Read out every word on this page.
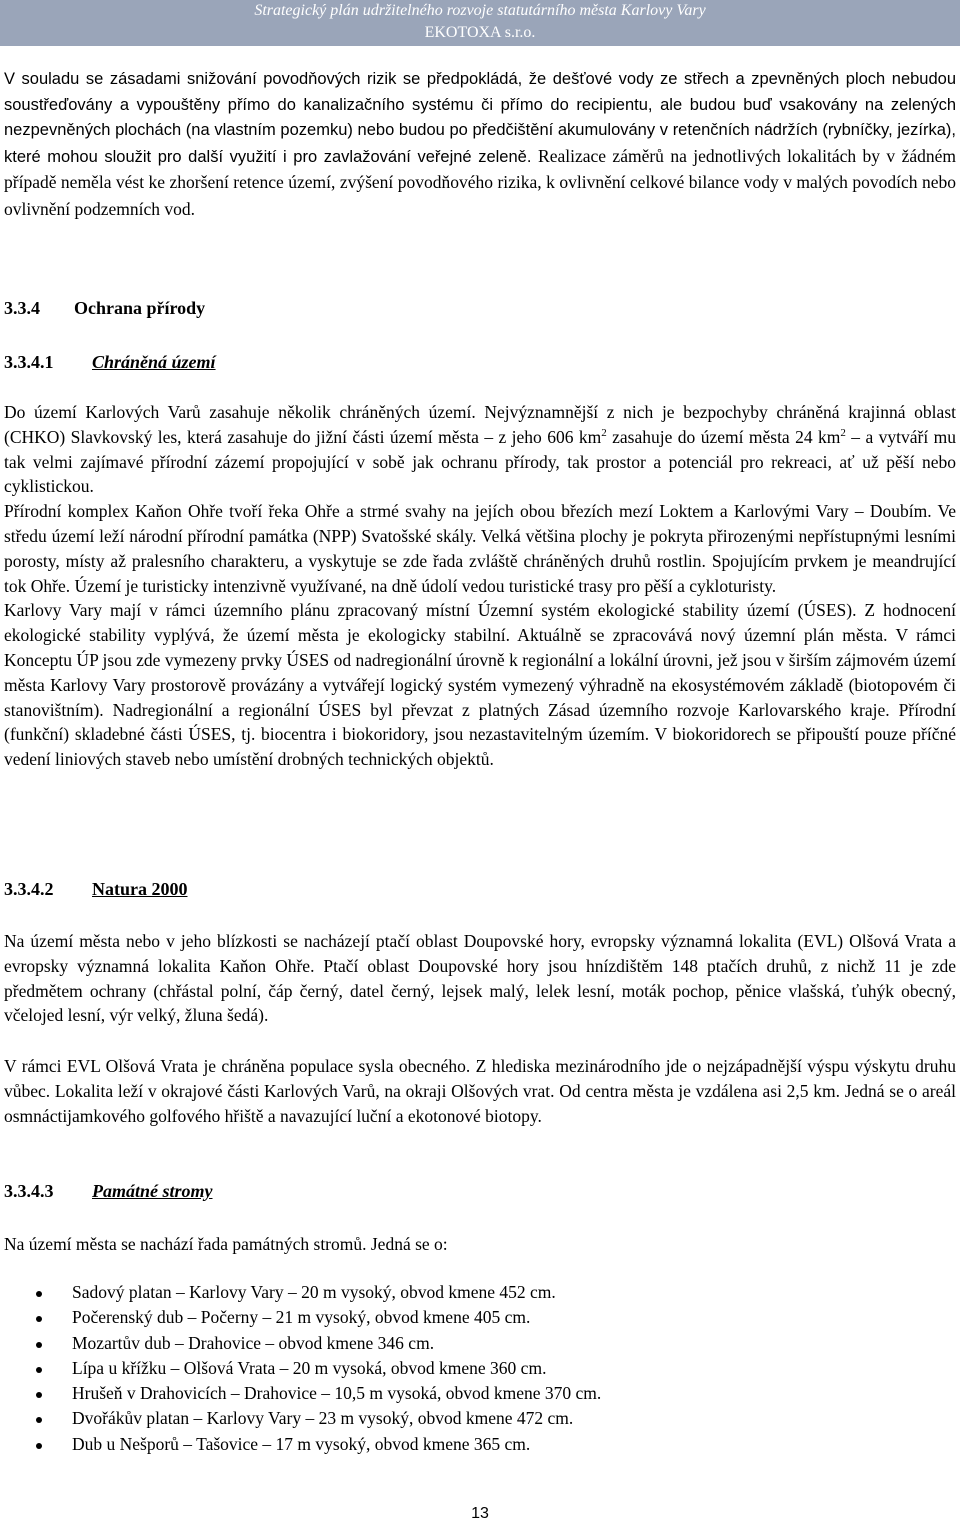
Strategický plán udržitelného rozvoje statutárního města Karlovy Vary
EKOTOXA s.r.o.

V souladu se zásadami snižování povodňových rizik se předpokládá, že dešťové vody ze střech a zpevněných ploch nebudou soustřeďovány a vypouštěny přímo do kanalizačního systému či přímo do recipientu, ale budou buď vsakovány na zelených nezpevněných plochách (na vlastním pozemku) nebo budou po předčištění akumulovány v retenčních nádržích (rybníčky, jezírka), které mohou sloužit pro další využití i pro zavlažování veřejné zeleně. Realizace záměrů na jednotlivých lokalitách by v žádném případě neměla vést ke zhoršení retence území, zvýšení povodňového rizika, k ovlivnění celkové bilance vody v malých povodích nebo ovlivnění podzemních vod.

3.3.4 Ochrana přírody
3.3.4.1 Chráněná území

Do území Karlových Varů zasahuje několik chráněných území. Nejvýznamnější z nich je bezpochyby chráněná krajinná oblast (CHKO) Slavkovský les, která zasahuje do jižní části území města – z jeho 606 $km^2$ zasahuje do území města 24 $km^2$ – a vytváří mu tak velmi zajímavé přírodní zázemí propojující v sobě jak ochranu přírody, tak prostor a potenciál pro rekreaci, ať už pěší nebo cyklistickou.

Přírodní komplex Kaňon Ohře tvoří řeka Ohře a strmé svahy na jejích obou březích mezí Loktem a Karlovými Vary – Doubím. Ve středu území leží národní přírodní památka (NPP) Svatošské skály. Velká většina plochy je pokryta přirozenými nepřístupnými lesními porosty, místy až pralesního charakteru, a vyskytuje se zde řada zvláště chráněných druhů rostlin. Spojujícím prvkem je meandrující tok Ohře. Území je turisticky intenzivně využívané, na dně údolí vedou turistické trasy pro pěší a cykloturisty.

Karlovy Vary mají v rámci územního plánu zpracovaný místní Územní systém ekologické stability území (ÚSES). Z hodnocení ekologické stability vyplývá, že území města je ekologicky stabilní. Aktuálně se zpracovává nový územní plán města. V rámci Konceptu ÚP jsou zde vymezeny prvky ÚSES od nadregionální úrovně k regionální a lokální úrovni, jež jsou v širším zájmovém území města Karlovy Vary prostorově provázány a vytvářejí logický systém vymezený výhradně na ekosystémovém základě (biotopovém či stanovištním). Nadregionální a regionální ÚSES byl převzat z platných Zásad územního rozvoje Karlovarského kraje. Přírodní (funkční) skladebné části ÚSES, tj. biocentra i biokoridory, jsou nezastavitelným územím. V biokoridorech se připouští pouze příčné vedení liniových staveb nebo umístění drobných technických objektů.

3.3.4.2 Natura 2000

Na území města nebo v jeho blízkosti se nacházejí ptačí oblast Doupovské hory, evropsky významná lokalita (EVL) Olšová Vrata a evropsky významná lokalita Kaňon Ohře. Ptačí oblast Doupovské hory jsou hnízdištěm 148 ptačích druhů, z nichž 11 je zde předmětem ochrany (chřástal polní, čáp černý, datel černý, lejsek malý, lelek lesní, moták pochop, pěnice vlašská, ťuhýk obecný, včelojed lesní, výr velký, žluna šedá).

V rámci EVL Olšová Vrata je chráněna populace sysla obecného. Z hlediska mezinárodního jde o nejzápadnější výspu výskytu druhu vůbec. Lokalita leží v okrajové části Karlových Varů, na okraji Olšových vrat. Od centra města je vzdálena asi 2,5 km. Jedná se o areál osmnáctijamkového golfového hřiště a navazující luční a ekotonové biotopy.

3.3.4.3 Památné stromy

Na území města se nachází řada památných stromů. Jedná se o:

Sadový platan – Karlovy Vary – 20 m vysoký, obvod kmene 452 cm.
Počerenský dub – Počerny – 21 m vysoký, obvod kmene 405 cm.
Mozartův dub – Drahovice – obvod kmene 346 cm.
Lípa u křížku – Olšová Vrata – 20 m vysoká, obvod kmene 360 cm.
Hrušeň v Drahovicích – Drahovice – 10,5 m vysoká, obvod kmene 370 cm.
Dvořákův platan – Karlovy Vary – 23 m vysoký, obvod kmene 472 cm.
Dub u Nešporů – Tašovice – 17 m vysoký, obvod kmene 365 cm.
13
